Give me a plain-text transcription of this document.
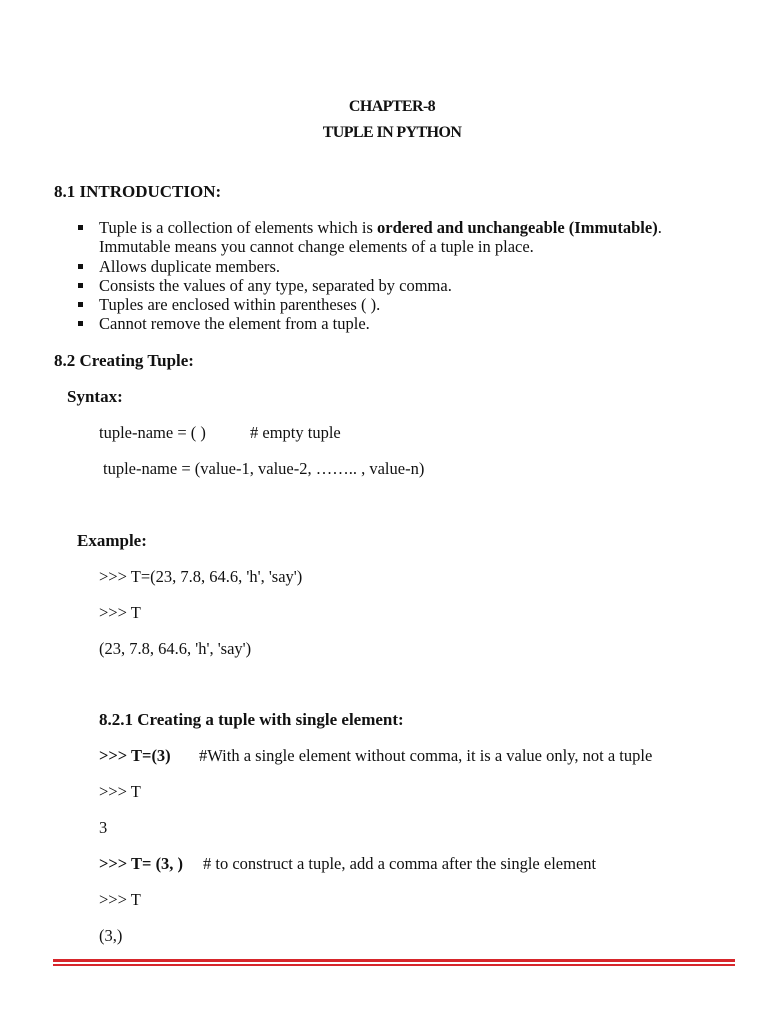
CHAPTER-8
TUPLE IN PYTHON
8.1 INTRODUCTION:
Tuple is a collection of elements which is ordered and unchangeable (Immutable).
Immutable means you cannot change elements of a tuple in place.
Allows duplicate members.
Consists the values of any type, separated by comma.
Tuples are enclosed within parentheses ( ).
Cannot remove the element from a tuple.
8.2 Creating Tuple:
Syntax:
tuple-name = ( )	# empty tuple
tuple-name = (value-1, value-2, …….. , value-n)
Example:
>>> T=(23, 7.8, 64.6, 'h', 'say')
>>> T
(23, 7.8, 64.6, 'h', 'say')
8.2.1 Creating a tuple with single element:
>>> T=(3) #With a single element without comma, it is a value only, not a tuple
>>> T
3
>>> T= (3, ) # to construct a tuple, add a comma after the single element
>>> T
(3,)
